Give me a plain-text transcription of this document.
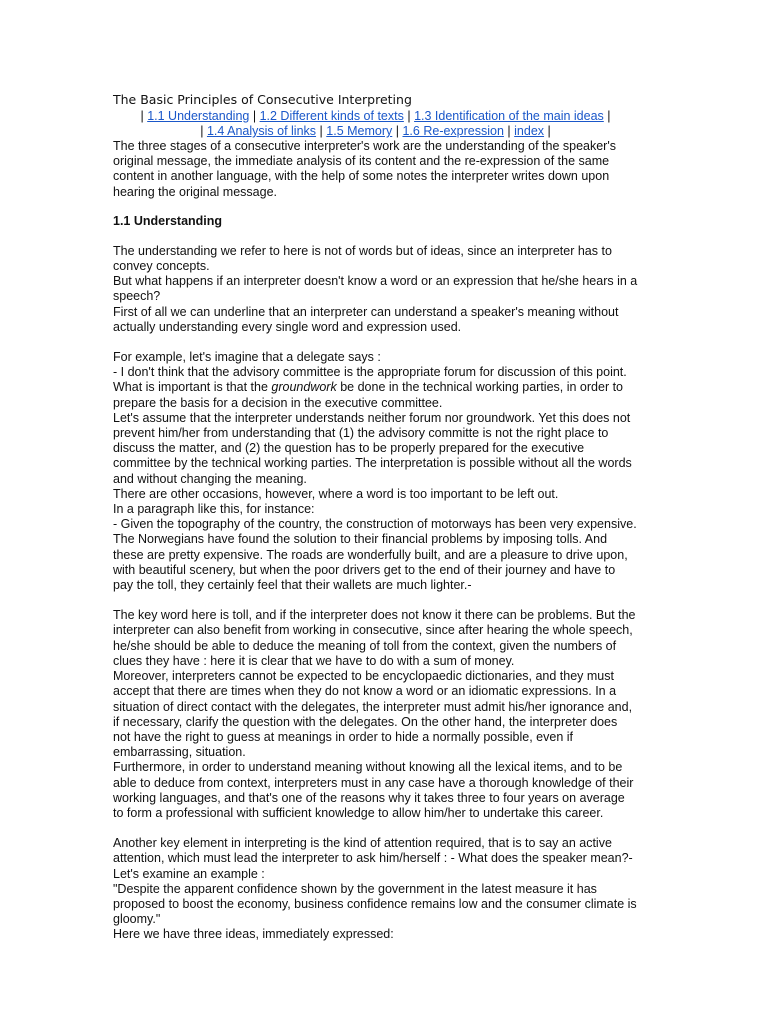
The Basic Principles of Consecutive Interpreting
| 1.1 Understanding | 1.2 Different kinds of texts | 1.3 Identification of the main ideas |
| 1.4 Analysis of links | 1.5 Memory | 1.6 Re-expression | index |

The three stages of a consecutive interpreter's work are the understanding of the speaker's original message, the immediate analysis of its content and the re-expression of the same content in another language, with the help of some notes the interpreter writes down upon hearing the original message.

1.1 Understanding

The understanding we refer to here is not of words but of ideas, since an interpreter has to convey concepts.

But what happens if an interpreter doesn't know a word or an expression that he/she hears in a speech?

First of all we can underline that an interpreter can understand a speaker's meaning without actually understanding every single word and expression used.

For example, let's imagine that a delegate says :

- I don't think that the advisory committee is the appropriate forum for discussion of this point.

What is important is that the groundwork be done in the technical working parties, in order to prepare the basis for a decision in the executive committee.

Let's assume that the interpreter understands neither forum nor groundwork. Yet this does not prevent him/her from understanding that (1) the advisory committe is not the right place to discuss the matter, and (2) the question has to be properly prepared for the executive committee by the technical working parties. The interpretation is possible without all the words and without changing the meaning.

There are other occasions, however, where a word is too important to be left out.

In a paragraph like this, for instance:

- Given the topography of the country, the construction of motorways has been very expensive. The Norwegians have found the solution to their financial problems by imposing tolls. And these are pretty expensive. The roads are wonderfully built, and are a pleasure to drive upon, with beautiful scenery, but when the poor drivers get to the end of their journey and have to pay the toll, they certainly feel that their wallets are much lighter.-

The key word here is toll, and if the interpreter does not know it there can be problems. But the interpreter can also benefit from working in consecutive, since after hearing the whole speech, he/she should be able to deduce the meaning of toll from the context, given the numbers of clues they have : here it is clear that we have to do with a sum of money.

Moreover, interpreters cannot be expected to be encyclopaedic dictionaries, and they must accept that there are times when they do not know a word or an idiomatic expressions. In a situation of direct contact with the delegates, the interpreter must admit his/her ignorance and, if necessary, clarify the question with the delegates. On the other hand, the interpreter does not have the right to guess at meanings in order to hide a normally possible, even if embarrassing, situation.

Furthermore, in order to understand meaning without knowing all the lexical items, and to be able to deduce from context, interpreters must in any case have a thorough knowledge of their working languages, and that's one of the reasons why it takes three to four years on average to form a professional with sufficient knowledge to allow him/her to undertake this career.

Another key element in interpreting is the kind of attention required, that is to say an active attention, which must lead the interpreter to ask him/herself : - What does the speaker mean?-

Let's examine an example :

"Despite the apparent confidence shown by the government in the latest measure it has proposed to boost the economy, business confidence remains low and the consumer climate is gloomy."

Here we have three ideas, immediately expressed:
